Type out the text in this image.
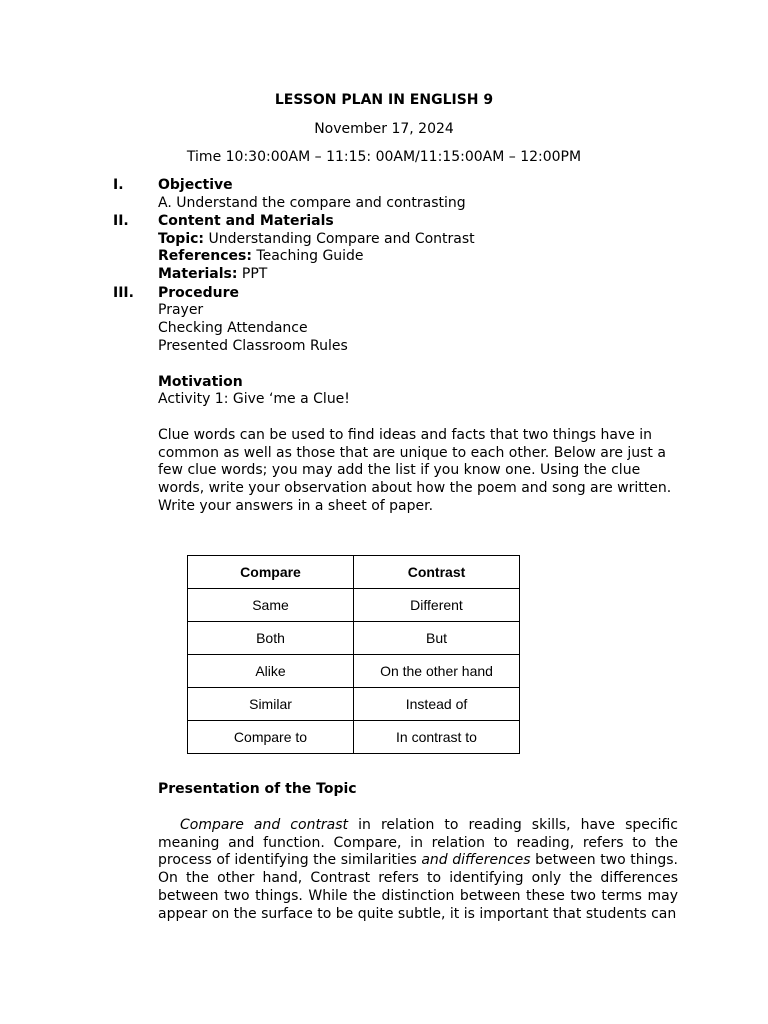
LESSON PLAN IN ENGLISH 9
November 17, 2024
Time 10:30:00AM – 11:15: 00AM/11:15:00AM – 12:00PM
I. Objective
A. Understand the compare and contrasting
II. Content and Materials
Topic: Understanding Compare and Contrast
References: Teaching Guide
Materials: PPT
III. Procedure
Prayer
Checking Attendance
Presented Classroom Rules
Motivation
Activity 1: Give ‘me a Clue!
Clue words can be used to find ideas and facts that two things have in common as well as those that are unique to each other. Below are just a few clue words; you may add the list if you know one. Using the clue words, write your observation about how the poem and song are written. Write your answers in a sheet of paper.
Compare	Contrast
Same	Different
Both	But
Alike	On the other hand
Similar	Instead of
Compare to	In contrast to
Presentation of the Topic
Compare and contrast in relation to reading skills, have specific meaning and function. Compare, in relation to reading, refers to the process of identifying the similarities and differences between two things. On the other hand, Contrast refers to identifying only the differences between two things. While the distinction between these two terms may appear on the surface to be quite subtle, it is important that students can
